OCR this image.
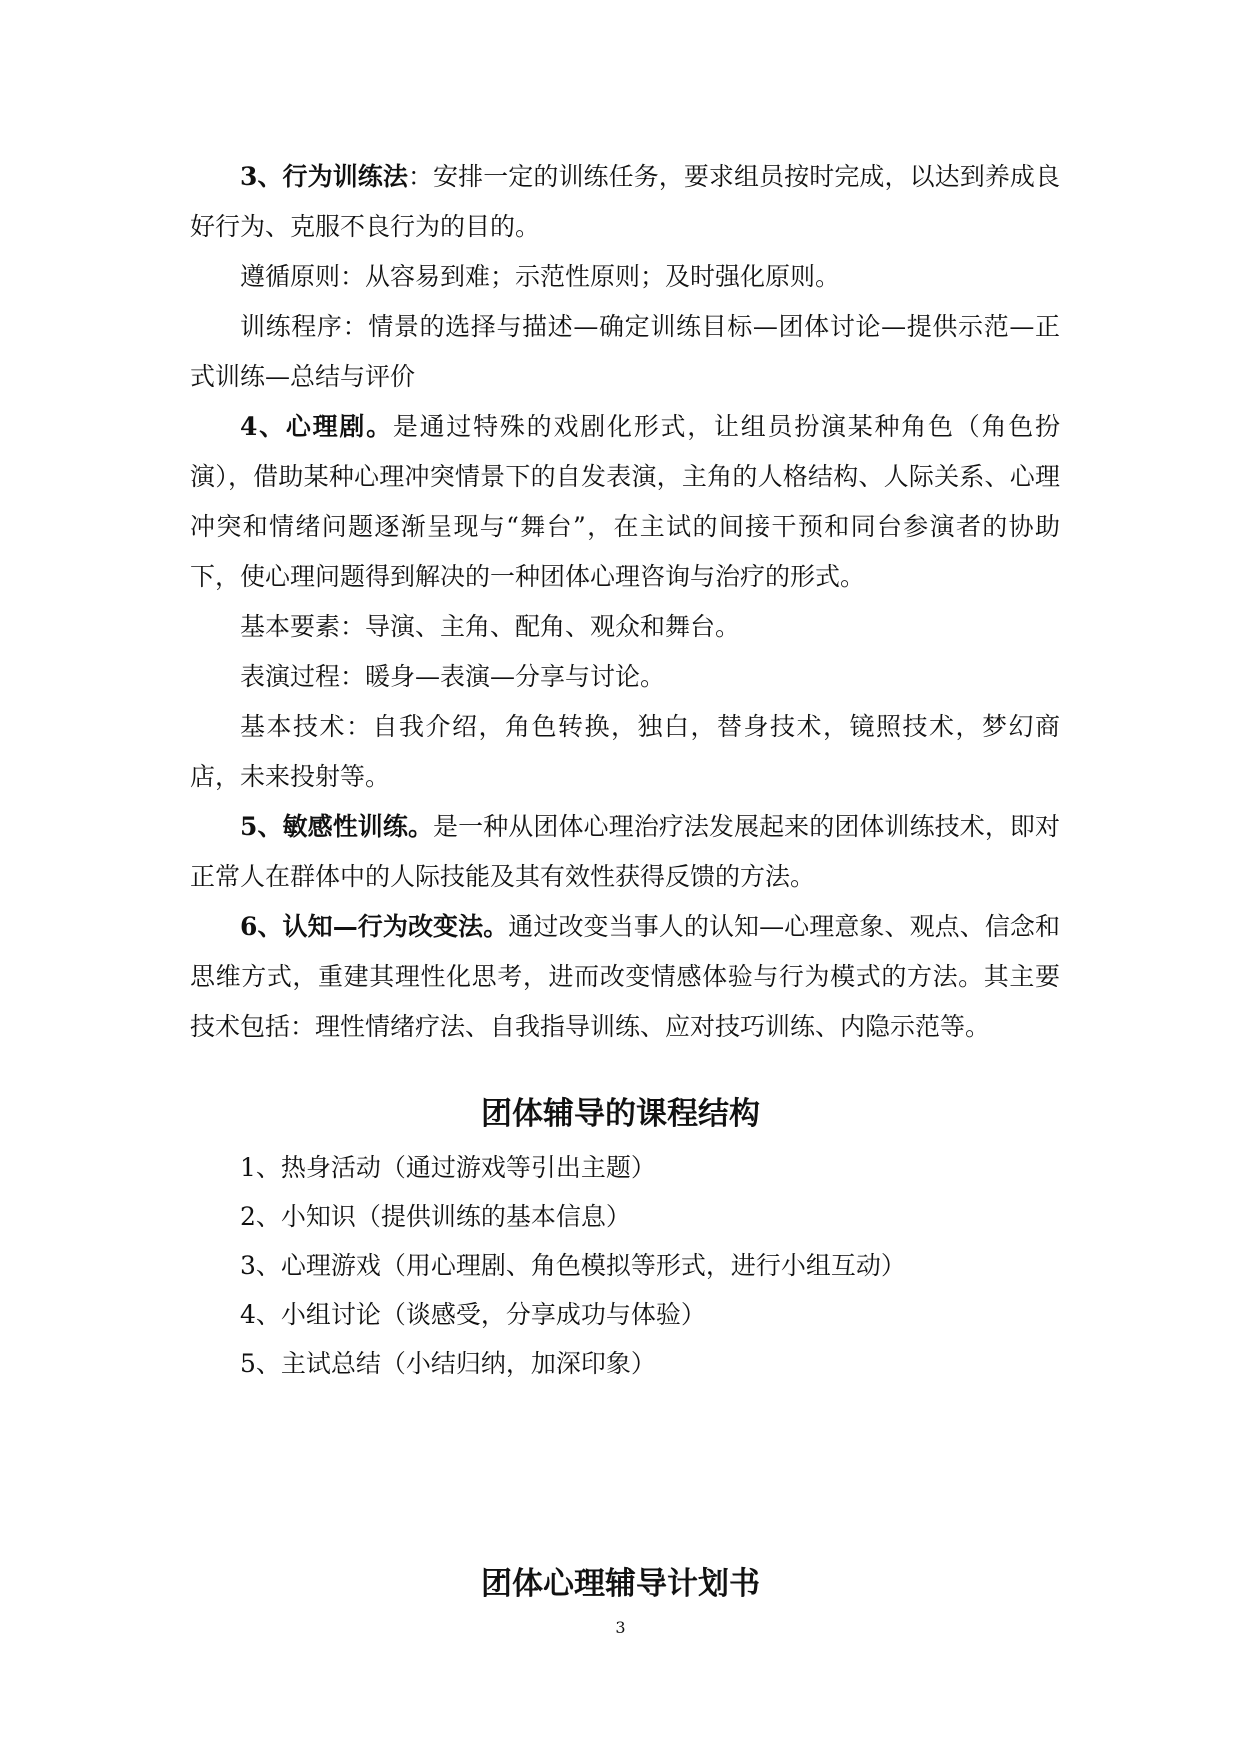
3、行为训练法：安排一定的训练任务，要求组员按时完成，以达到养成良好行为、克服不良行为的目的。

遵循原则：从容易到难；示范性原则；及时强化原则。

训练程序：情景的选择与描述—确定训练目标—团体讨论—提供示范—正式训练—总结与评价

4、心理剧。是通过特殊的戏剧化形式，让组员扮演某种角色（角色扮演），借助某种心理冲突情景下的自发表演，主角的人格结构、人际关系、心理冲突和情绪问题逐渐呈现与“舞台”，在主试的间接干预和同台参演者的协助下，使心理问题得到解决的一种团体心理咨询与治疗的形式。

基本要素：导演、主角、配角、观众和舞台。

表演过程：暖身—表演—分享与讨论。

基本技术：自我介绍，角色转换，独白，替身技术，镜照技术，梦幻商店，未来投射等。

5、敏感性训练。是一种从团体心理治疗法发展起来的团体训练技术，即对正常人在群体中的人际技能及其有效性获得反馈的方法。

6、认知—行为改变法。通过改变当事人的认知—心理意象、观点、信念和思维方式，重建其理性化思考，进而改变情感体验与行为模式的方法。其主要技术包括：理性情绪疗法、自我指导训练、应对技巧训练、内隐示范等。

团体辅导的课程结构
1、热身活动（通过游戏等引出主题）
2、小知识（提供训练的基本信息）
3、心理游戏（用心理剧、角色模拟等形式，进行小组互动）
4、小组讨论（谈感受，分享成功与体验）
5、主试总结（小结归纳，加深印象）
团体心理辅导计划书
3
